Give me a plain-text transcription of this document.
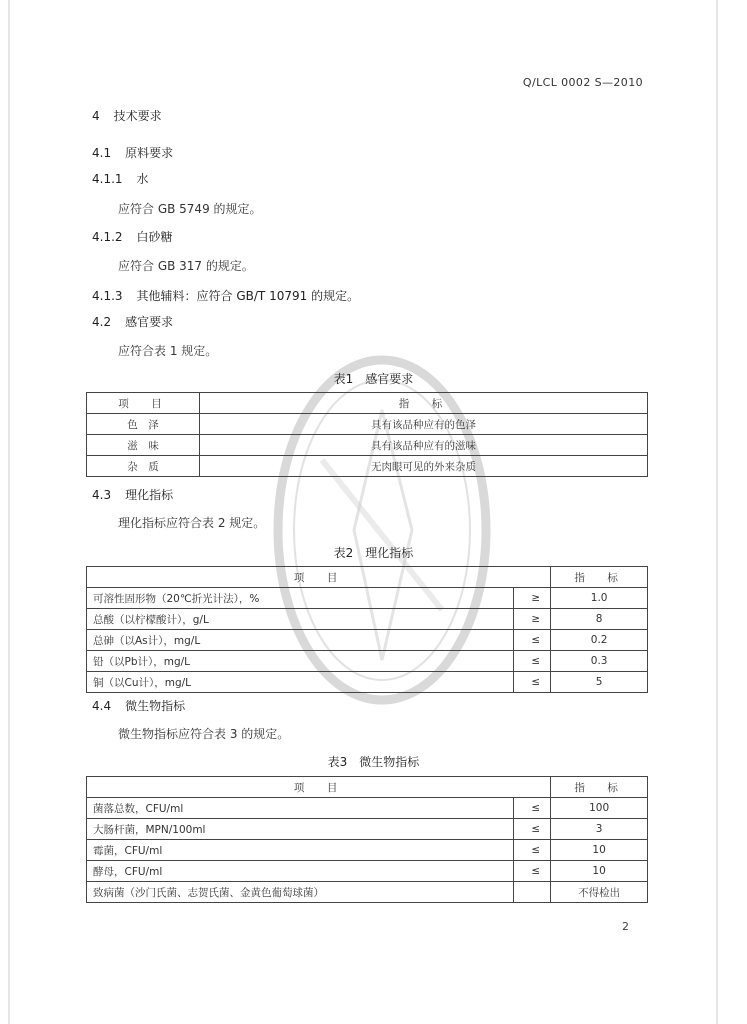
Q/LCL 0002 S—2010
4 技术要求
4.1 原料要求
4.1.1 水
应符合 GB 5749 的规定。
4.1.2 白砂糖
应符合 GB 317 的规定。
4.1.3 其他辅料：应符合 GB/T 10791 的规定。
4.2 感官要求
应符合表 1 规定。
表1　感官要求
项　目	指　标
色　泽	具有该品种应有的色泽
滋　味	具有该品种应有的滋味
杂　质	无肉眼可见的外来杂质
4.3 理化指标
理化指标应符合表 2 规定。
表2　理化指标
项　目		指　标
可溶性固形物（20℃折光计法），%	≥	1.0
总酸（以柠檬酸计），g/L	≥	8
总砷（以As计），mg/L	≤	0.2
铅（以Pb计），mg/L	≤	0.3
铜（以Cu计），mg/L	≤	5
4.4 微生物指标
微生物指标应符合表 3 的规定。
表3　微生物指标
项　目		指　标
菌落总数，CFU/ml	≤	100
大肠杆菌，MPN/100ml	≤	3
霉菌，CFU/ml	≤	10
酵母，CFU/ml	≤	10
致病菌（沙门氏菌、志贺氏菌、金黄色葡萄球菌）		不得检出
2
